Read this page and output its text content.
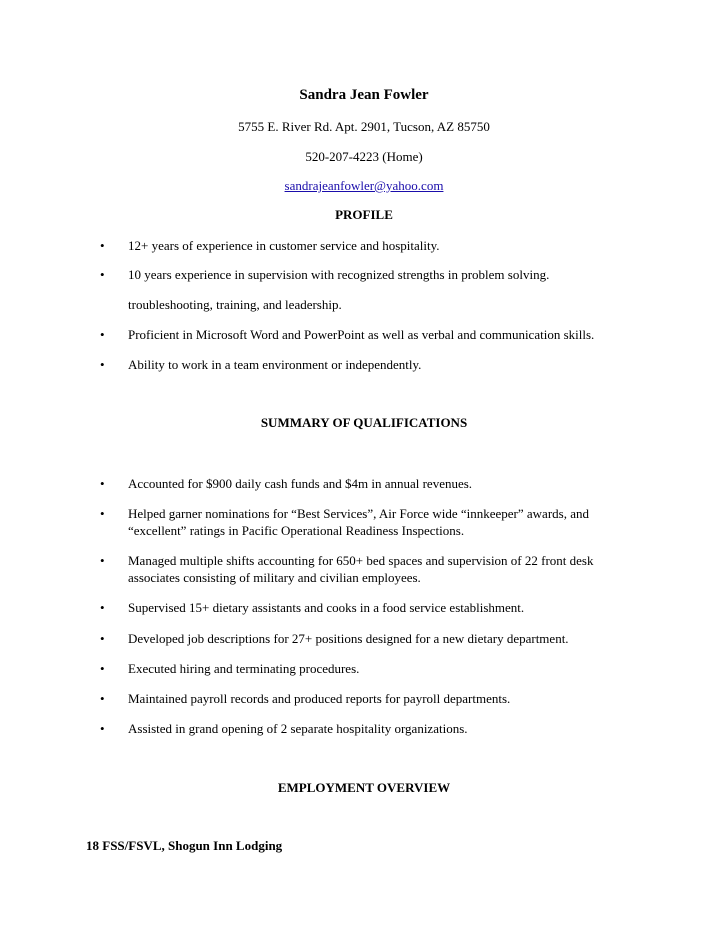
Sandra Jean Fowler
5755 E. River Rd. Apt. 2901, Tucson, AZ 85750
520-207-4223 (Home)
sandrajeanfowler@yahoo.com
PROFILE
• 12+ years of experience in customer service and hospitality.
• 10 years experience in supervision with recognized strengths in problem solving.
• Proficient in Microsoft Word and PowerPoint as well as verbal and communication skills.
• Ability to work in a team environment or independently.
troubleshooting, training, and leadership.
SUMMARY OF QUALIFICATIONS
• Accounted for $900 daily cash funds and $4m in annual revenues.
• Helped garner nominations for “Best Services”, Air Force wide “innkeeper” awards, and “excellent” ratings in Pacific Operational Readiness Inspections.
• Managed multiple shifts accounting for 650+ bed spaces and supervision of 22 front desk associates consisting of military and civilian employees.
• Supervised 15+ dietary assistants and cooks in a food service establishment.
• Developed job descriptions for 27+ positions designed for a new dietary department.
• Executed hiring and terminating procedures.
• Maintained payroll records and produced reports for payroll departments.
• Assisted in grand opening of 2 separate hospitality organizations.
EMPLOYMENT OVERVIEW
18 FSS/FSVL, Shogun Inn Lodging
